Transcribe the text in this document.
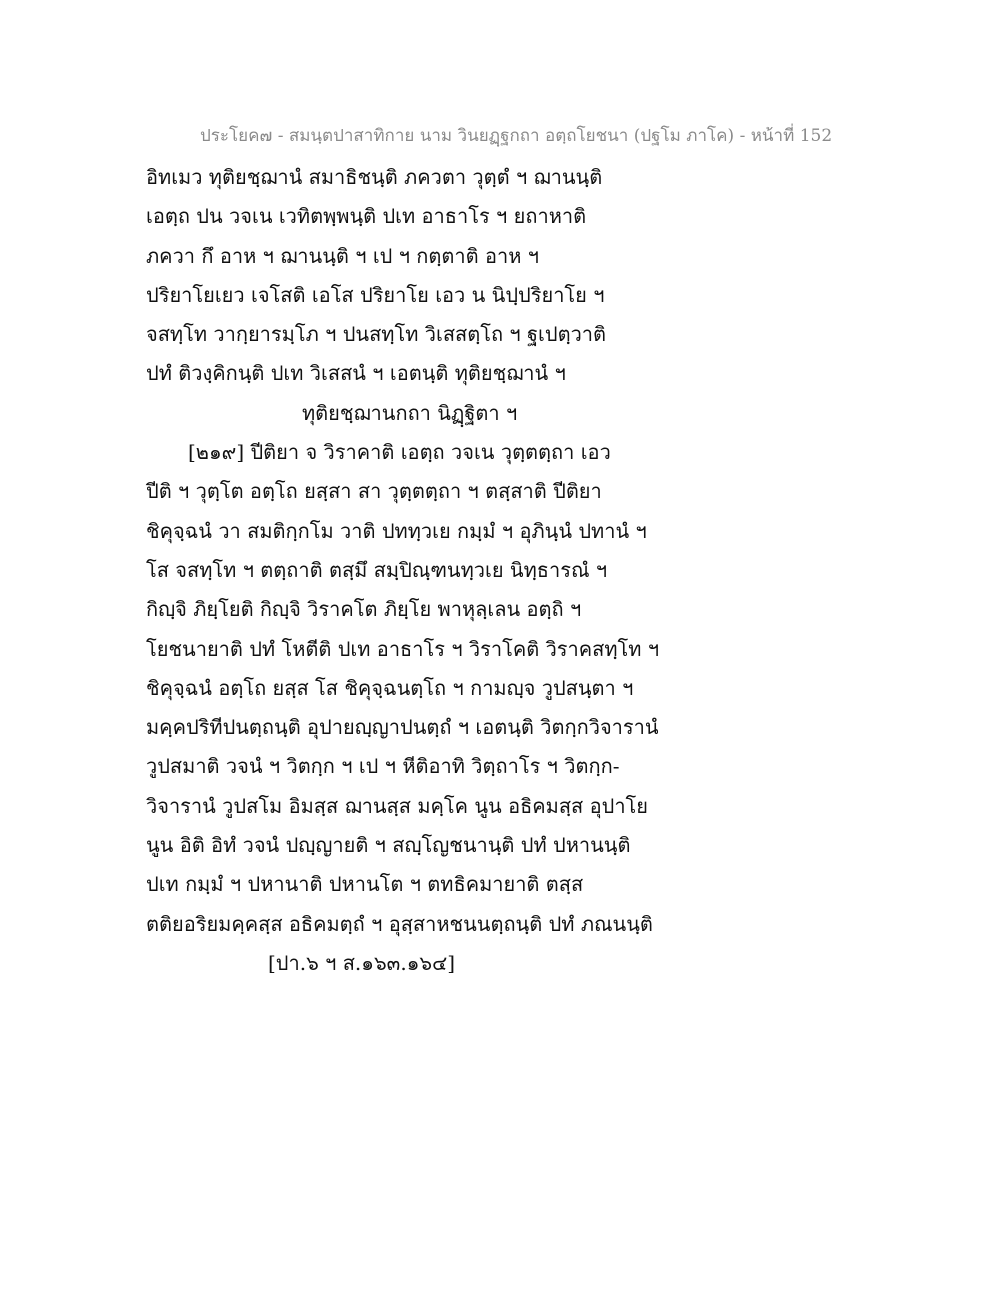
ประโยค๗ - สมนฺตปาสาทิกาย นาม วินยฏฺฐกถา อตฺถโยชนา (ปฐโม ภาโค) - หน้าที่ 152
อิทเมว ทุติยชฺฌานํ สมาธิชนฺติ ภควตา วุตฺตํ ฯ ฌานนฺติ
เอตฺถ ปน วจเน เวทิตพฺพนฺติ ปเท อาธาโร ฯ ยถาหาติ
ภควา กึ อาห ฯ ฌานนฺติ ฯ เป ฯ กตฺตาติ อาห ฯ
ปริยาโยเยว เจโสติ เอโส ปริยาโย เอว น นิปฺปริยาโย ฯ
จสทฺโท วากฺยารมฺโภ ฯ ปนสทฺโท วิเสสตฺโถ ฯ ฐเปตฺวาติ
ปทํ ติวงฺคิกนฺติ ปเท วิเสสนํ ฯ เอตนฺติ ทุติยชฺฌานํ ฯ
ทุติยชฺฌานกถา นิฏฺฐิตา ฯ
[๒๑๙] ปีติยา จ วิราคาติ เอตฺถ วจเน วุตฺตตฺถา เอว
ปีติ ฯ วุตฺโต อตฺโถ ยสฺสา สา วุตฺตตฺถา ฯ ตสฺสาติ ปีติยา
ชิคุจฺฉนํ วา สมติกฺกโม วาติ ปททฺวเย กมฺมํ ฯ อุภินฺนํ ปทานํ ฯ
โส จสทฺโท ฯ ตตฺถาติ ตสฺมึ สมฺปิณฺฑนทฺวเย นิทฺธารณํ ฯ
กิญฺจิ ภิยฺโยติ กิญฺจิ วิราคโต ภิยฺโย พาหุลฺเลน อตฺถิ ฯ
โยชนายาติ ปทํ โหตีติ ปเท อาธาโร ฯ วิราโคติ วิราคสทฺโท ฯ
ชิคุจฺฉนํ อตฺโถ ยสฺส โส ชิคุจฺฉนตฺโถ ฯ กามญฺจ วูปสนฺตา ฯ
มคฺคปริทีปนตฺถนฺติ อุปายญฺญาปนตฺถํ ฯ เอตนฺติ วิตกฺกวิจารานํ
วูปสมาติ วจนํ ฯ วิตกฺก ฯ เป ฯ หีติอาทิ วิตฺถาโร ฯ วิตกฺก-
วิจารานํ วูปสโม อิมสฺส ฌานสฺส มคฺโค นูน อธิคมสฺส อุปาโย
นูน อิติ อิทํ วจนํ ปญฺญายติ ฯ สญฺโญชนานฺติ ปทํ ปหานนฺติ
ปเท กมฺมํ ฯ ปหานาติ ปหานโต ฯ ตทธิคมายาติ ตสฺส
ตติยอริยมคฺคสฺส อธิคมตฺถํ ฯ อุสฺสาหชนนตฺถนฺติ ปทํ ภณนนฺติ
[ปา.๖ ฯ ส.๑๖๓.๑๖๔]
